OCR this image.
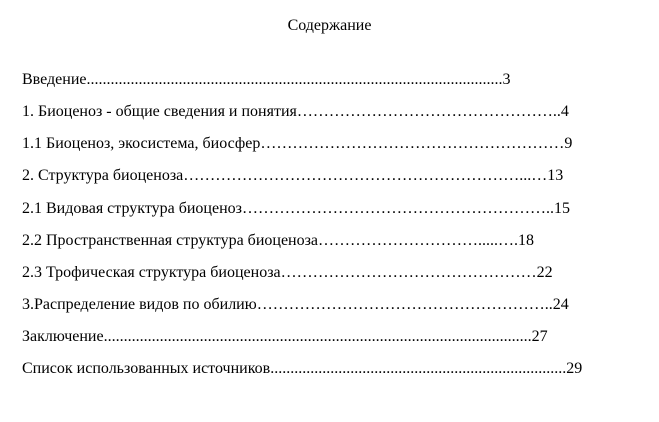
Содержание
Введение........................................................................................................3
1. Биоценоз - общие сведения и понятия…………………………………………..4
1.1 Биоценоз, экосистема, биосфер…………………………………………………9
2. Структура биоценоза………………………………………………………...…13
2.1 Видовая структура биоценоз…………………………………………………..15
2.2 Пространственная структура биоценоза………………………….....….18
2.3 Трофическая структура биоценоза…………………………………………22
3.Распределение видов по обилию………………………………………………..24
Заключение...........................................................................................................27
Список использованных источников..........................................................................29
